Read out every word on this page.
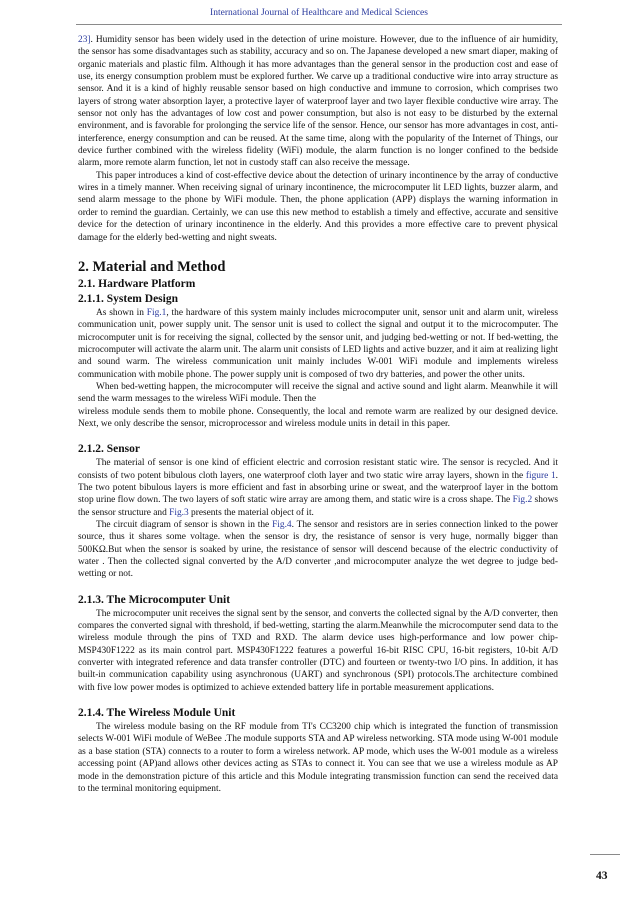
International Journal of Healthcare and Medical Sciences

23]. Humidity sensor has been widely used in the detection of urine moisture. However, due to the influence of air humidity, the sensor has some disadvantages such as stability, accuracy and so on. The Japanese developed a new smart diaper, making of organic materials and plastic film. Although it has more advantages than the general sensor in the production cost and ease of use, its energy consumption problem must be explored further. We carve up a traditional conductive wire into array structure as sensor. And it is a kind of highly reusable sensor based on high conductive and immune to corrosion, which comprises two layers of strong water absorption layer, a protective layer of waterproof layer and two layer flexible conductive wire array. The sensor not only has the advantages of low cost and power consumption, but also is not easy to be disturbed by the external environment, and is favorable for prolonging the service life of the sensor. Hence, our sensor has more advantages in cost, anti-interference, energy consumption and can be reused. At the same time, along with the popularity of the Internet of Things, our device further combined with the wireless fidelity (WiFi) module, the alarm function is no longer confined to the bedside alarm, more remote alarm function, let not in custody staff can also receive the message.

This paper introduces a kind of cost-effective device about the detection of urinary incontinence by the array of conductive wires in a timely manner. When receiving signal of urinary incontinence, the microcomputer lit LED lights, buzzer alarm, and send alarm message to the phone by WiFi module. Then, the phone application (APP) displays the warning information in order to remind the guardian. Certainly, we can use this new method to establish a timely and effective, accurate and sensitive device for the detection of urinary incontinence in the elderly. And this provides a more effective care to prevent physical damage for the elderly bed-wetting and night sweats.

2. Material and Method
2.1. Hardware Platform
2.1.1. System Design

As shown in Fig.1, the hardware of this system mainly includes microcomputer unit, sensor unit and alarm unit, wireless communication unit, power supply unit. The sensor unit is used to collect the signal and output it to the microcomputer. The microcomputer unit is for receiving the signal, collected by the sensor unit, and judging bed-wetting or not. If bed-wetting, the microcomputer will activate the alarm unit. The alarm unit consists of LED lights and active buzzer, and it aim at realizing light and sound warm. The wireless communication unit mainly includes W-001 WiFi module and implements wireless communication with mobile phone. The power supply unit is composed of two dry batteries, and power the other units.

When bed-wetting happen, the microcomputer will receive the signal and active sound and light alarm. Meanwhile it will send the warm messages to the wireless WiFi module. Then the

wireless module sends them to mobile phone. Consequently, the local and remote warm are realized by our designed device. Next, we only describe the sensor, microprocessor and wireless module units in detail in this paper.

2.1.2. Sensor

The material of sensor is one kind of efficient electric and corrosion resistant static wire. The sensor is recycled. And it consists of two potent bibulous cloth layers, one waterproof cloth layer and two static wire array layers, shown in the figure 1. The two potent bibulous layers is more efficient and fast in absorbing urine or sweat, and the waterproof layer in the bottom stop urine flow down. The two layers of soft static wire array are among them, and static wire is a cross shape. The Fig.2 shows the sensor structure and Fig.3 presents the material object of it.

The circuit diagram of sensor is shown in the Fig.4. The sensor and resistors are in series connection linked to the power source, thus it shares some voltage. when the sensor is dry, the resistance of sensor is very huge, normally bigger than 500KΩ.But when the sensor is soaked by urine, the resistance of sensor will descend because of the electric conductivity of water . Then the collected signal converted by the A/D converter ,and microcomputer analyze the wet degree to judge bed-wetting or not.

2.1.3. The Microcomputer Unit

The microcomputer unit receives the signal sent by the sensor, and converts the collected signal by the A/D converter, then compares the converted signal with threshold, if bed-wetting, starting the alarm.Meanwhile the microcomputer send data to the wireless module through the pins of TXD and RXD. The alarm device uses high-performance and low power chip-MSP430F1222 as its main control part. MSP430F1222 features a powerful 16-bit RISC CPU, 16-bit registers, 10-bit A/D converter with integrated reference and data transfer controller (DTC) and fourteen or twenty-two I/O pins. In addition, it has built-in communication capability using asynchronous (UART) and synchronous (SPI) protocols.The architecture combined with five low power modes is optimized to achieve extended battery life in portable measurement applications.

2.1.4. The Wireless Module Unit

The wireless module basing on the RF module from TI's CC3200 chip which is integrated the function of transmission selects W-001 WiFi module of WeBee .The module supports STA and AP wireless networking. STA mode using W-001 module as a base station (STA) connects to a router to form a wireless network. AP mode, which uses the W-001 module as a wireless accessing point (AP)and allows other devices acting as STAs to connect it. You can see that we use a wireless module as AP mode in the demonstration picture of this article and this Module integrating transmission function can send the received data to the terminal monitoring equipment.

43
